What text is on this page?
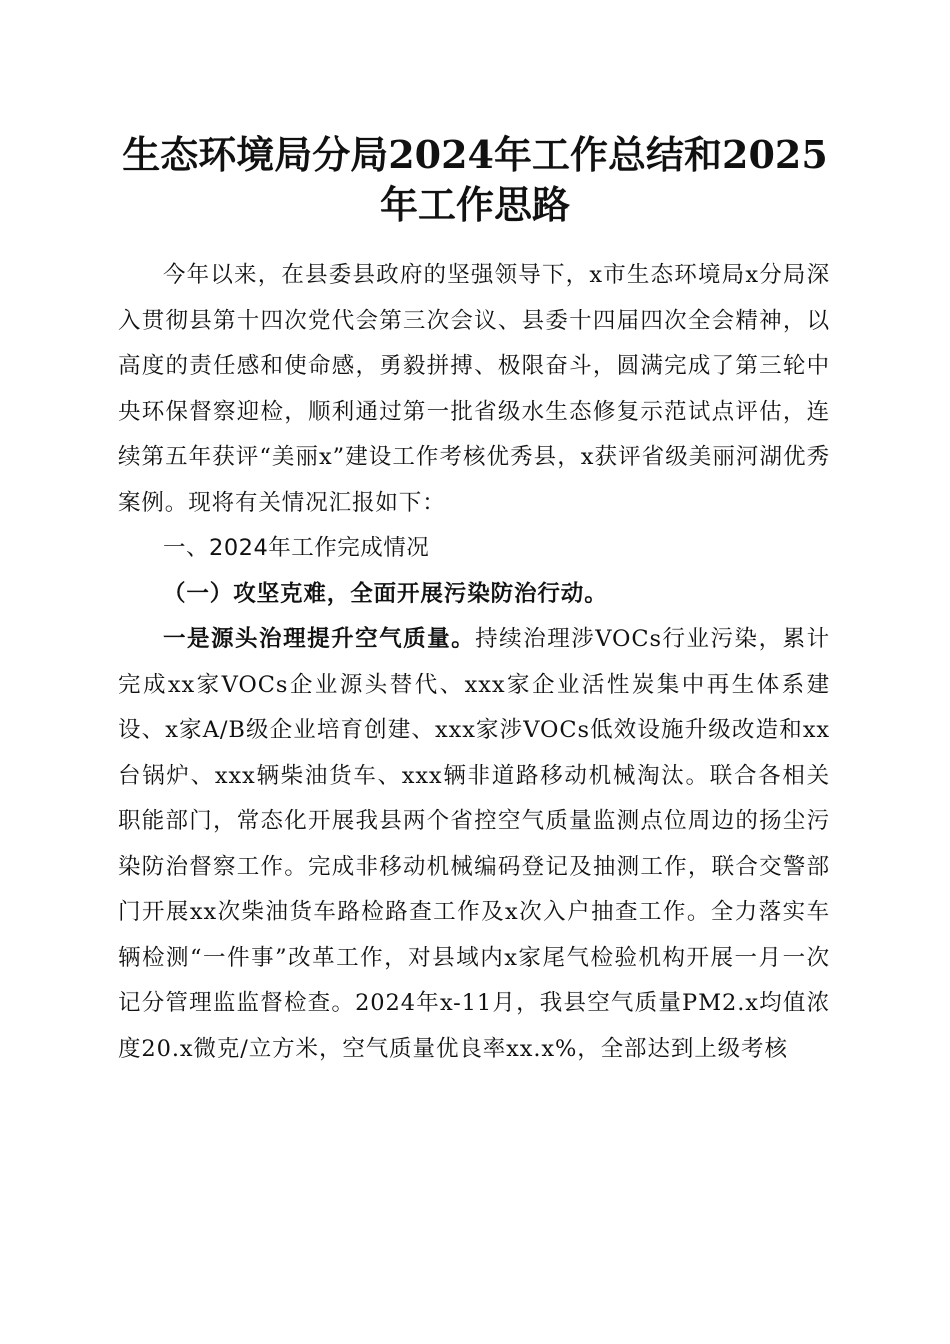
生态环境局分局2024年工作总结和2025年工作思路

今年以来，在县委县政府的坚强领导下，x市生态环境局x分局深入贯彻县第十四次党代会第三次会议、县委十四届四次全会精神，以高度的责任感和使命感，勇毅拼搏、极限奋斗，圆满完成了第三轮中央环保督察迎检，顺利通过第一批省级水生态修复示范试点评估，连续第五年获评“美丽x”建设工作考核优秀县，x获评省级美丽河湖优秀案例。现将有关情况汇报如下：

一、2024年工作完成情况

（一）攻坚克难，全面开展污染防治行动。

一是源头治理提升空气质量。持续治理涉VOCs行业污染，累计完成xx家VOCs企业源头替代、xxx家企业活性炭集中再生体系建设、x家A/B级企业培育创建、xxx家涉VOCs低效设施升级改造和xx台锅炉、xxx辆柴油货车、xxx辆非道路移动机械淘汰。联合各相关职能部门，常态化开展我县两个省控空气质量监测点位周边的扬尘污染防治督察工作。完成非移动机械编码登记及抽测工作，联合交警部门开展xx次柴油货车路检路查工作及x次入户抽查工作。全力落实车辆检测“一件事”改革工作，对县域内x家尾气检验机构开展一月一次记分管理监监督检查。2024年x-11月，我县空气质量PM2.x均值浓度20.x微克/立方米，空气质量优良率xx.x%，全部达到上级考核
